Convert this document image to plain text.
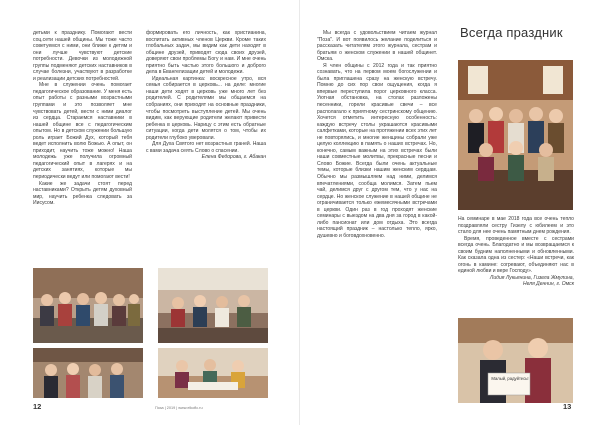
детьми к празднику. Помогают вести соц.сети нашей общины. Мы тоже часто советуемся с ними, они ближе к детям и они лучше чувствуют детские потребности. Девочки из молодежной группы подменяют детских наставников в случае болезни, участвуют в разработке и реализации детских потребностей.

Мне в служении очень помогает педагогическое образование. У меня есть опыт работы с разными возрастными группами и это позволяет мне чувствовать детей, вести с ними диалог из сердца. Стараемся наставники в нашей общине все с педагогическим опытом. Но в детском служении большую роль играет Божий Дух, который тебя ведет исполнить волю Божью. А опыт, он приходит, научить тоже можно! Наша молодежь уже получила огромный педагогический опыт в лагерях и на детских занятиях, которые мы периодически ведут или помогают вести!

Какие же задачи стоят перед наставниками? Открыть детям духовный мир, научить ребенка следовать за Иисусом.

формировать его личность, как христианина, воспитать активных членов Церкви. Кроме таких глобальных задач, мы видим как дети находят в общине друзей, приводят сюда своих друзей, доверяют свои проблемы Богу и нам. И мне очень приятно быть частью этого большого и доброго дела в Евангелизации детей и молодежи.

Идеальная картинка: воскресное утро, вся семья собирается в церковь... на деле: многие наши дети ходят в церковь уже много лет без родителей. С родителями мы общаемся на собраниях, они приходят на основные праздники, чтобы посмотреть выступление детей. Мы очень видим, как верующие родители желают привести ребенка в церковь. Нарицу с этим есть обратные ситуации, когда дети молятся о том, чтобы их родители глубоко уверовали.

Для Духа Святого нет возрастных граней. Наша с вами задача сеять Слово о спасении.

Елена Федорова, г. Абакан

12	Поза | 2019 | www.elkoflc.ru

Мы всегда с удовольствием читаем журнал "Поза". И вот появилось желание поделиться и рассказать читателям этого журнала, сестрам и братьям о женском служении в нашей общинет. Омска.

Я член общины с 2012 года и так приятно сознавать, что на первом моем богослужении и была приглашена сразу на женскую встречу. Помню до сих пор свои ощущения, когда я впервые переступила порог церковного класса. Уютная обстановка, на столах разложены песенники, горели красивые свечи – все располагало к приятному сестринскому общению. Хочется отметить интересную особенность: каждую встречу столы украшаются красивыми салфетками, которые на протяжении всех этих лет не повторялись, и многие женщины собрали уже целую коллекцию в память о наших встречах. Но, конечно, самым важным на этих встречах были наши совместные молитвы, прекрасные песни и Слово Божие. Всегда были очень актуальные темы, которые близки нашим женским сердцам. Обычно мы размышляем над ними, делимся впечатлениями, сообща молимся. Затем пьем чай, делимся друг с другом тем, что у нас на сердце. Но женское служение в нашей общине не ограничивается только ежемесячными встречами в церкви. Один раз в год проходят женские семинары с выездом на два дня за город в какой-либо пансионат или дом отдыха. Это всегда настоящий праздник – настолько тепло, ярко, душевно и боговдохновенно.

Всегда праздник

На семинаре в мае 2018 года все очень тепло поздравляли сестру Гизелу с юбилеем и это стало для нее очень памятным днем рождения.

Время, проведенное вместе с сестрами всегда очень. Благодатно и мы возвращаемся к своим будним наполненными и обновленными. Как сказала одна из сестер: «Наши встречи, как огонь в камине: согревают, объединяют нас в единой любви и вере Господу».

Лидия Лукьянина, Гизела Жмулина,

Неля Деннин, г. Омск

Малый, радуйтесь!
13
